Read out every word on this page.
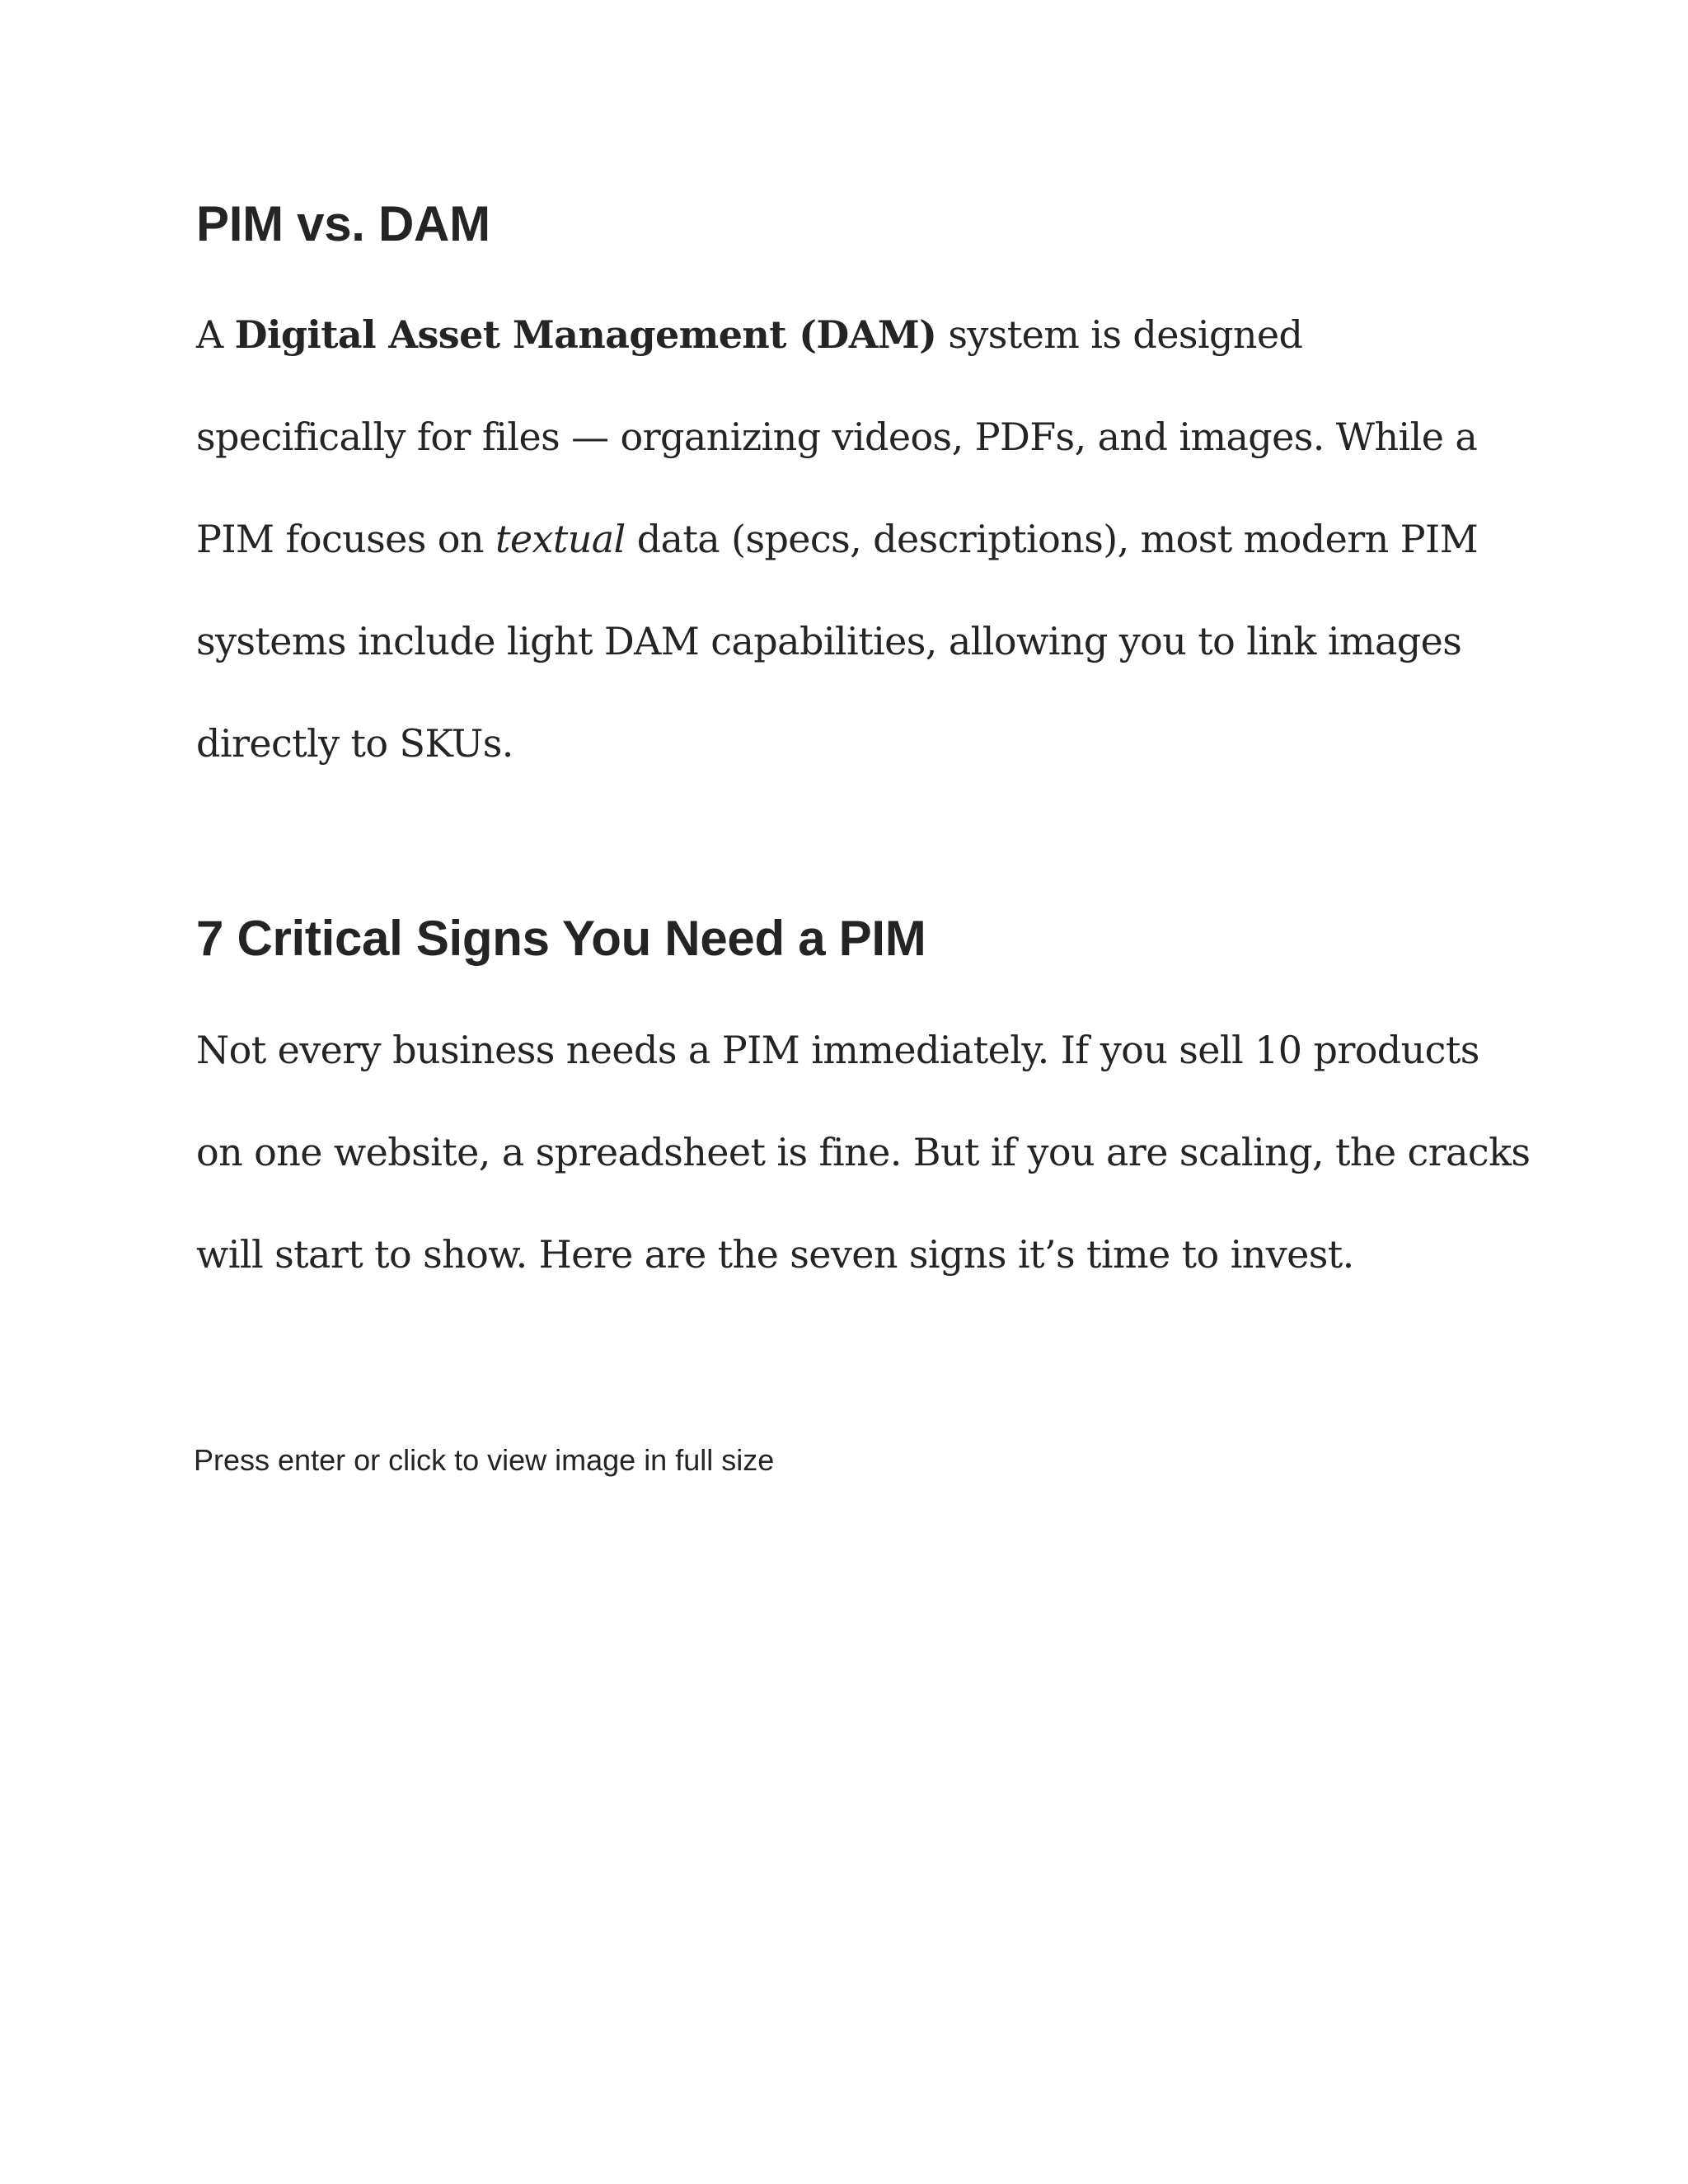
PIM vs. DAM

A Digital Asset Management (DAM) system is designed
specifically for files — organizing videos, PDFs, and images. While a
PIM focuses on textual data (specs, descriptions), most modern PIM
systems include light DAM capabilities, allowing you to link images
directly to SKUs.

7 Critical Signs You Need a PIM

Not every business needs a PIM immediately. If you sell 10 products
on one website, a spreadsheet is fine. But if you are scaling, the cracks
will start to show. Here are the seven signs it’s time to invest.

Press enter or click to view image in full size
